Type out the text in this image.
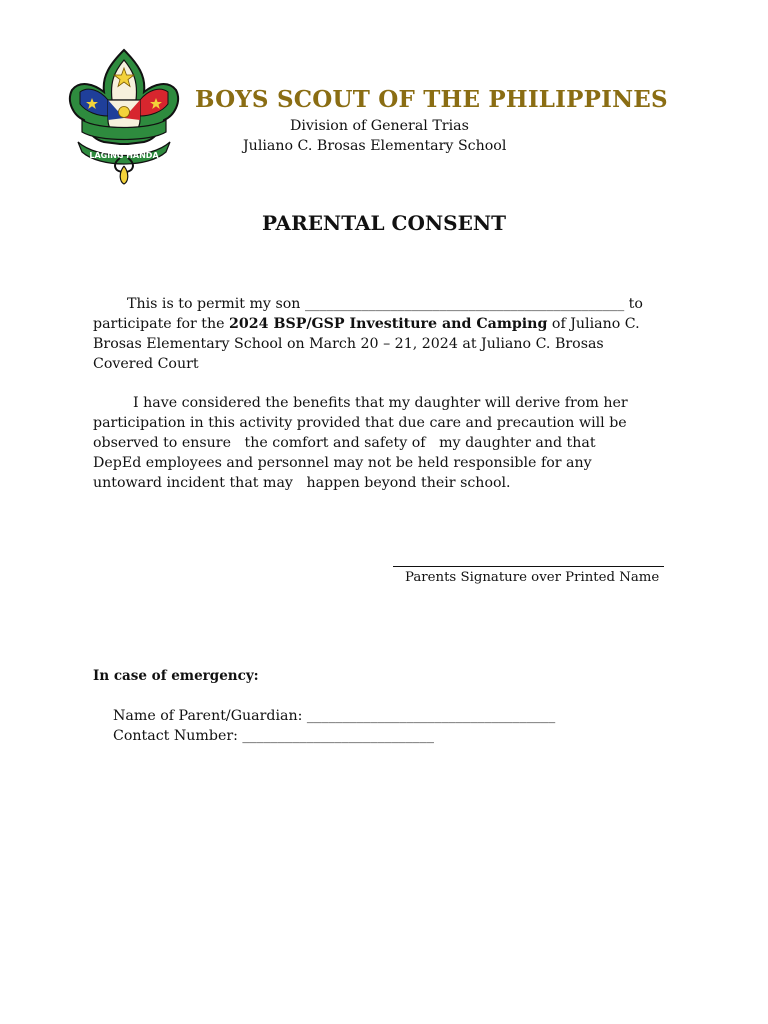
LAGING HANDA
BOYS SCOUT OF THE PHILIPPINES
Division of General Trias
Juliano C. Brosas Elementary School
PARENTAL CONSENT
This is to permit my son _____________________________________________ to
participate for the 2024 BSP/GSP Investiture and Camping of Juliano C.
Brosas Elementary School on March 20 – 21, 2024 at Juliano C. Brosas
Covered Court
I have considered the benefits that my daughter will derive from her
participation in this activity provided that due care and precaution will be
observed to ensure   the comfort and safety of   my daughter and that
DepEd employees and personnel may not be held responsible for any
untoward incident that may   happen beyond their school.
Parents Signature over Printed Name
In case of emergency:
Name of Parent/Guardian: ___________________________________
Contact Number: ___________________________
